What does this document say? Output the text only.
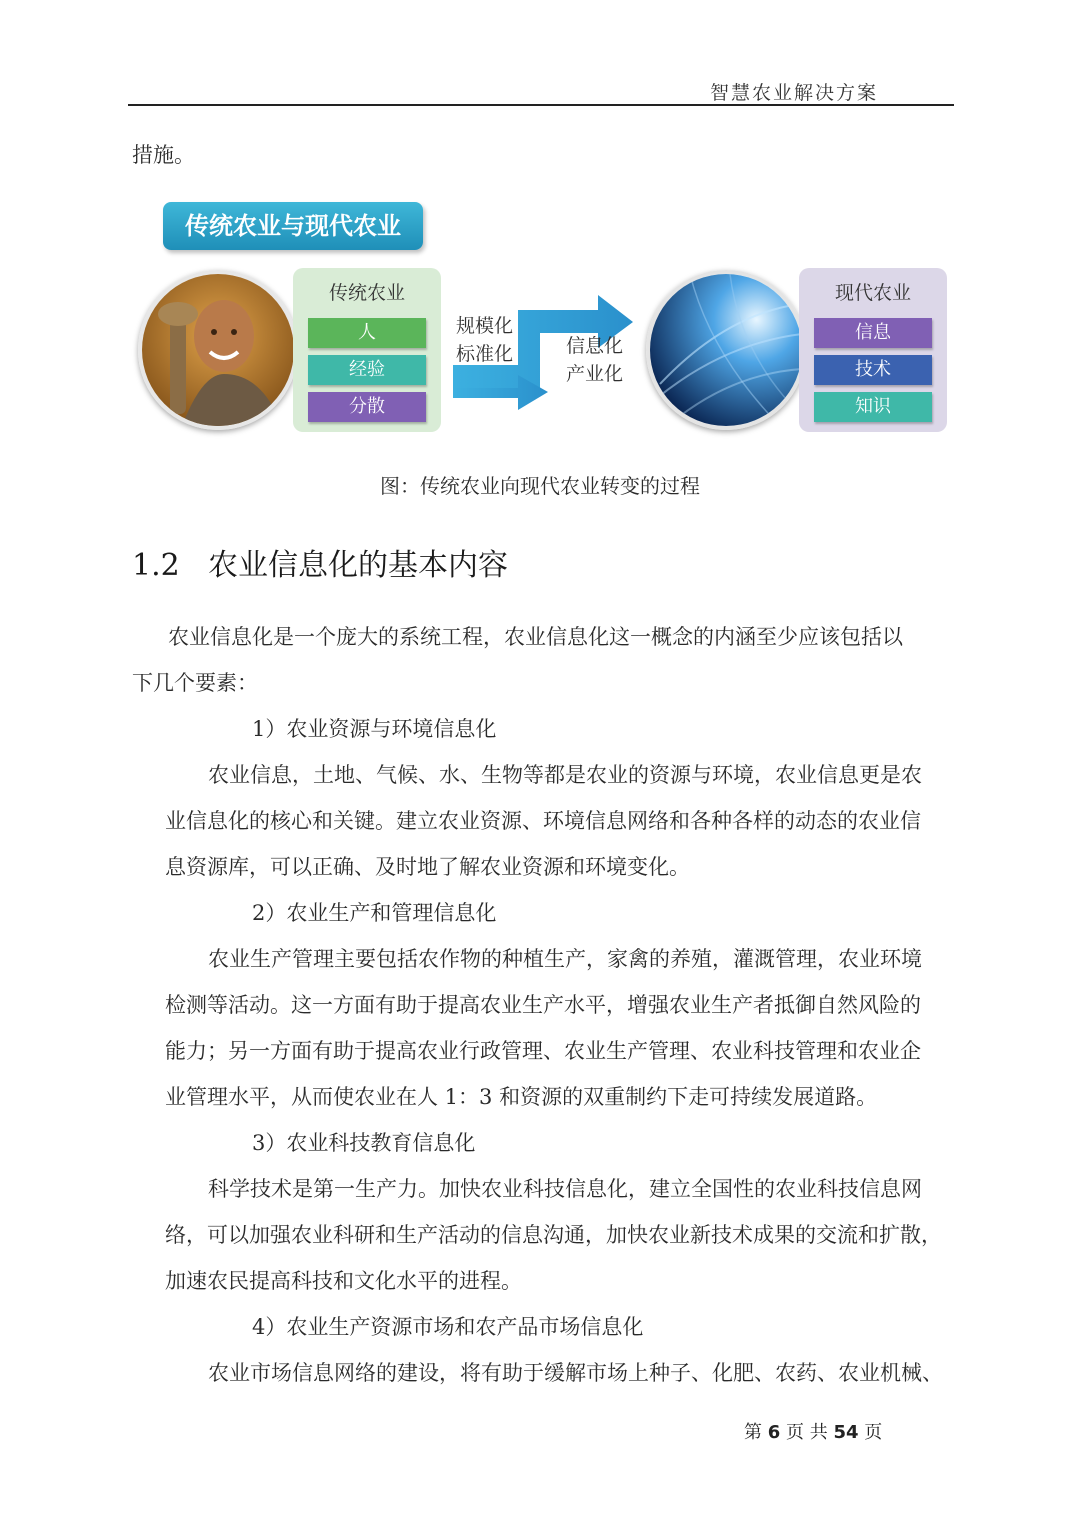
智慧农业解决方案
措施。
传统农业与现代农业
传统农业
人
经验
分散
规模化
标准化	信息化
产业化
现代农业
信息
技术
知识
图：传统农业向现代农业转变的过程
1.2 农业信息化的基本内容
农业信息化是一个庞大的系统工程，农业信息化这一概念的内涵至少应该包括以
下几个要素：
1）农业资源与环境信息化
农业信息，土地、气候、水、生物等都是农业的资源与环境，农业信息更是农
业信息化的核心和关键。建立农业资源、环境信息网络和各种各样的动态的农业信
息资源库，可以正确、及时地了解农业资源和环境变化。
2）农业生产和管理信息化
农业生产管理主要包括农作物的种植生产，家禽的养殖，灌溉管理，农业环境
检测等活动。这一方面有助于提高农业生产水平，增强农业生产者抵御自然风险的
能力；另一方面有助于提高农业行政管理、农业生产管理、农业科技管理和农业企
业管理水平，从而使农业在人 1：3 和资源的双重制约下走可持续发展道路。
3）农业科技教育信息化
科学技术是第一生产力。加快农业科技信息化，建立全国性的农业科技信息网
络，可以加强农业科研和生产活动的信息沟通，加快农业新技术成果的交流和扩散，
加速农民提高科技和文化水平的进程。
4）农业生产资源市场和农产品市场信息化
农业市场信息网络的建设，将有助于缓解市场上种子、化肥、农药、农业机械、
第 6 页 共 54 页
